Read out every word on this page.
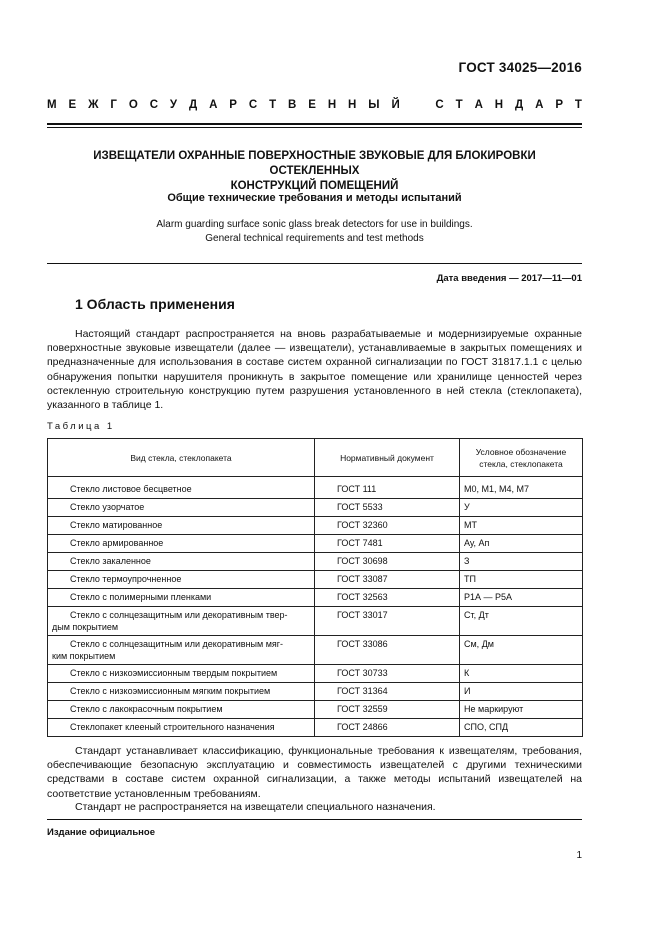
ГОСТ 34025—2016
М Е Ж Г О С У Д А Р С Т В Е Н Н Ы Й	С Т А Н Д А Р Т
ИЗВЕЩАТЕЛИ ОХРАННЫЕ ПОВЕРХНОСТНЫЕ ЗВУКОВЫЕ ДЛЯ БЛОКИРОВКИ ОСТЕКЛЕННЫХ
КОНСТРУКЦИЙ ПОМЕЩЕНИЙ
Общие технические требования и методы испытаний
Alarm guarding surface sonic glass break detectors for use in buildings.
General technical requirements and test methods
Дата введения — 2017—11—01
1 Область применения
Настоящий стандарт распространяется на вновь разрабатываемые и модернизируемые охранные поверхностные звуковые извещатели (далее — извещатели), устанавливаемые в закрытых помещениях и предназначенные для использования в составе систем охранной сигнализации по ГОСТ 31817.1.1 с целью обнаружения попытки нарушителя проникнуть в закрытое помещение или хранилище ценностей через остекленную строительную конструкцию путем разрушения установленного в ней стекла (стеклопакета), указанного в таблице 1.
Таблица 1
Вид стекла, стеклопакета	Нормативный документ	Условное обозначение
стекла, стеклопакета

Стекло листовое бесцветное	ГОСТ 111	М0, М1, М4, М7

Стекло узорчатое	ГОСТ 5533	У

Стекло матированное	ГОСТ 32360	МТ

Стекло армированное	ГОСТ 7481	Ау, Ап

Стекло закаленное	ГОСТ 30698	З

Стекло термоупрочненное	ГОСТ 33087	ТП

Стекло с полимерными пленками	ГОСТ 32563	Р1А — Р5А

Стекло с солнцезащитным или декоративным твер-
дым покрытием	ГОСТ 33017	Ст, Дт

Стекло с солнцезащитным или декоративным мяг-
ким покрытием	ГОСТ 33086	См, Дм

Стекло с низкоэмиссионным твердым покрытием	ГОСТ 30733	К

Стекло с низкоэмиссионным мягким покрытием	ГОСТ 31364	И

Стекло с лакокрасочным покрытием	ГОСТ 32559	Не маркируют

Стеклопакет клееный строительного назначения	ГОСТ 24866	СПО, СПД
Стандарт устанавливает классификацию, функциональные требования к извещателям, требования, обеспечивающие безопасную эксплуатацию и совместимость извещателей с другими техническими средствами в составе систем охранной сигнализации, а также методы испытаний извещателей на соответствие установленным требованиям.
Стандарт не распространяется на извещатели специального назначения.
Издание официальное
1
